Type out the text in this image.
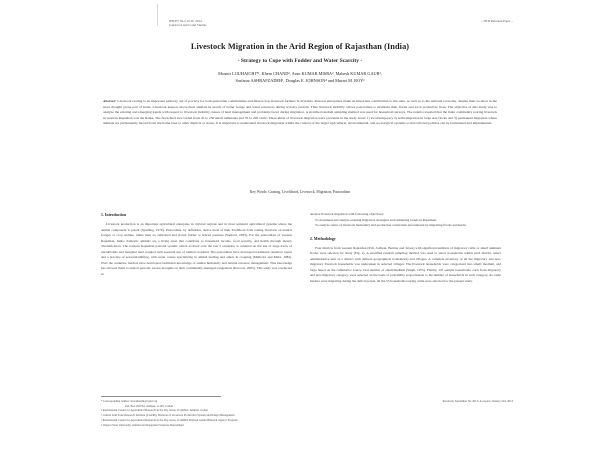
JPN/PT 39-2, II-IV, 2014
Journal of Arid Land Studies
– DTⅡ Refereed Paper –
Livestock Migration in the Arid Region of Rajasthan (India)
- Strategy to Cope with Fodder and Water Scarcity -
Mounir LOUHAICHI*¹, Khem CHAND², Arun KUMAR MISRA², Mahesh KUMAR GAUR³,
Sarfaraz ASHRAFZADEH¹, Douglas E. JOHNSON⁴ and Murari M. ROY²
Abstract: Livestock rearing is an important pathway out of poverty for both pastoralist communities and mixed crop-livestock farmers in drylands. Pastoral enterprises make an important contribution to the state, as well as to the national economy, despite their location in the most drought prone part of India. Livestock keepers move their animals in search of better forage and water resources during scarcity periods. Thus livestock mobility allows pastoralists to maintain their flocks and local productive lives. The objective of this study was to analyze the existing and emerging trends with respect to livestock mobility, issues of herd management and problems faced during migration. A stratified random sampling method was used for household surveys. The results revealed that the main community rearing livestock in western Rajasthan was the Raika. The flock/herd size varied from 45 to 250 small ruminants and 35 to 220 cattle. Three kinds of livestock migration were prevalent in the study areas: 1) local/temporary 2) semi-migration in large size flocks and 3) permanent migration where animals are permanently moved from the home base to other districts or states. It is important to understand livestock migration within the context of the larger agricultural, environmental, and sociological systems so that tailored policies can be formulated and implemented.
Key Words: Grazing, Livelihood, Livestock, Migration, Pastoralism
1. Introduction

Livestock production is an important agricultural enterprise in dryland regions and in most semiarid agricultural systems where the animal component is potent (Spalding, 1979). Pastoralists, by definition, derive most of their livelihood from raising livestock on natural forages or crop residue, rather than on cultivated and stored fodder or fenced pastures (Sanford, 1983). For the pastoralists of western Rajasthan, India, domestic animals are a living asset that contribute to household income, food security, and health through dietary diversification. The western Rajasthan pastoral system, which evolved over the last 3 centuries, is centered on the use of large tracts of uncultivable and marginal land coupled with seasonal use of rainfed cropland. The pastoralists have developed traditional retention routes and a practice of seasonal/shifting, with water course specializing in animal feeding and others in cropping (Malhotra and Mitra, 1982). Over the centuries, herders have developed traditional knowledge of animal husbandry and natural resource management. This knowledge has allowed them to exploit periodic excess droughts on their communally-managed rangelands (Kavoori, 2005). This study was conducted in

analyze livestock migration with following objectives:

To document and analyze existing migration strategies and remaining trends in Rajasthan.

To analyze status of livestock husbandry and production constraints encountered by migrating flocks and herds.

2. Methodology

Four districts from western Rajasthan (Pali, Jodhpur, Barmer and Jalore) with significant numbers of migratory cattle or small ruminant flocks were selected for study (Fig. 1). A stratified random sampling method was used to select households within each district, select administrative unit as a district with defined geographical boundaries) and villages. A complete inventory of all the migratory and non-migratory livestock households was undertaken in selected villages. The livestock households were categorized into small, medium, and large based on the cumulative source total number of small/medium (Singh, 1975). Finally, 125 sample households, each from migratory and non-migratory category, were selected on the basis of probability proportionate to the number of households in each category. As cattle herders were migrating during the deficit period, all the 55 households rearing cattle were selected for the present study.

* Corresponding Author: m.louhaichi@cgiar.org
P.O. Box 950764, Amman, 11195, Jordan
¹ International Center for Agricultural Research in the Dry Areas, ICARDA, Amman, Jordan
² Central Arid Zone Research Institute (CAZRI), Division of Livestock Production System and Range Management
³ International Center for Agricultural Research in the Dry Areas, ICARDA Dryland Arabia Bilateral Agency Program
⁴ Oregon State University, Animal and Rangeland Sciences Department
Received, September 30, 2013; Accepted, January 2nd, 2014
